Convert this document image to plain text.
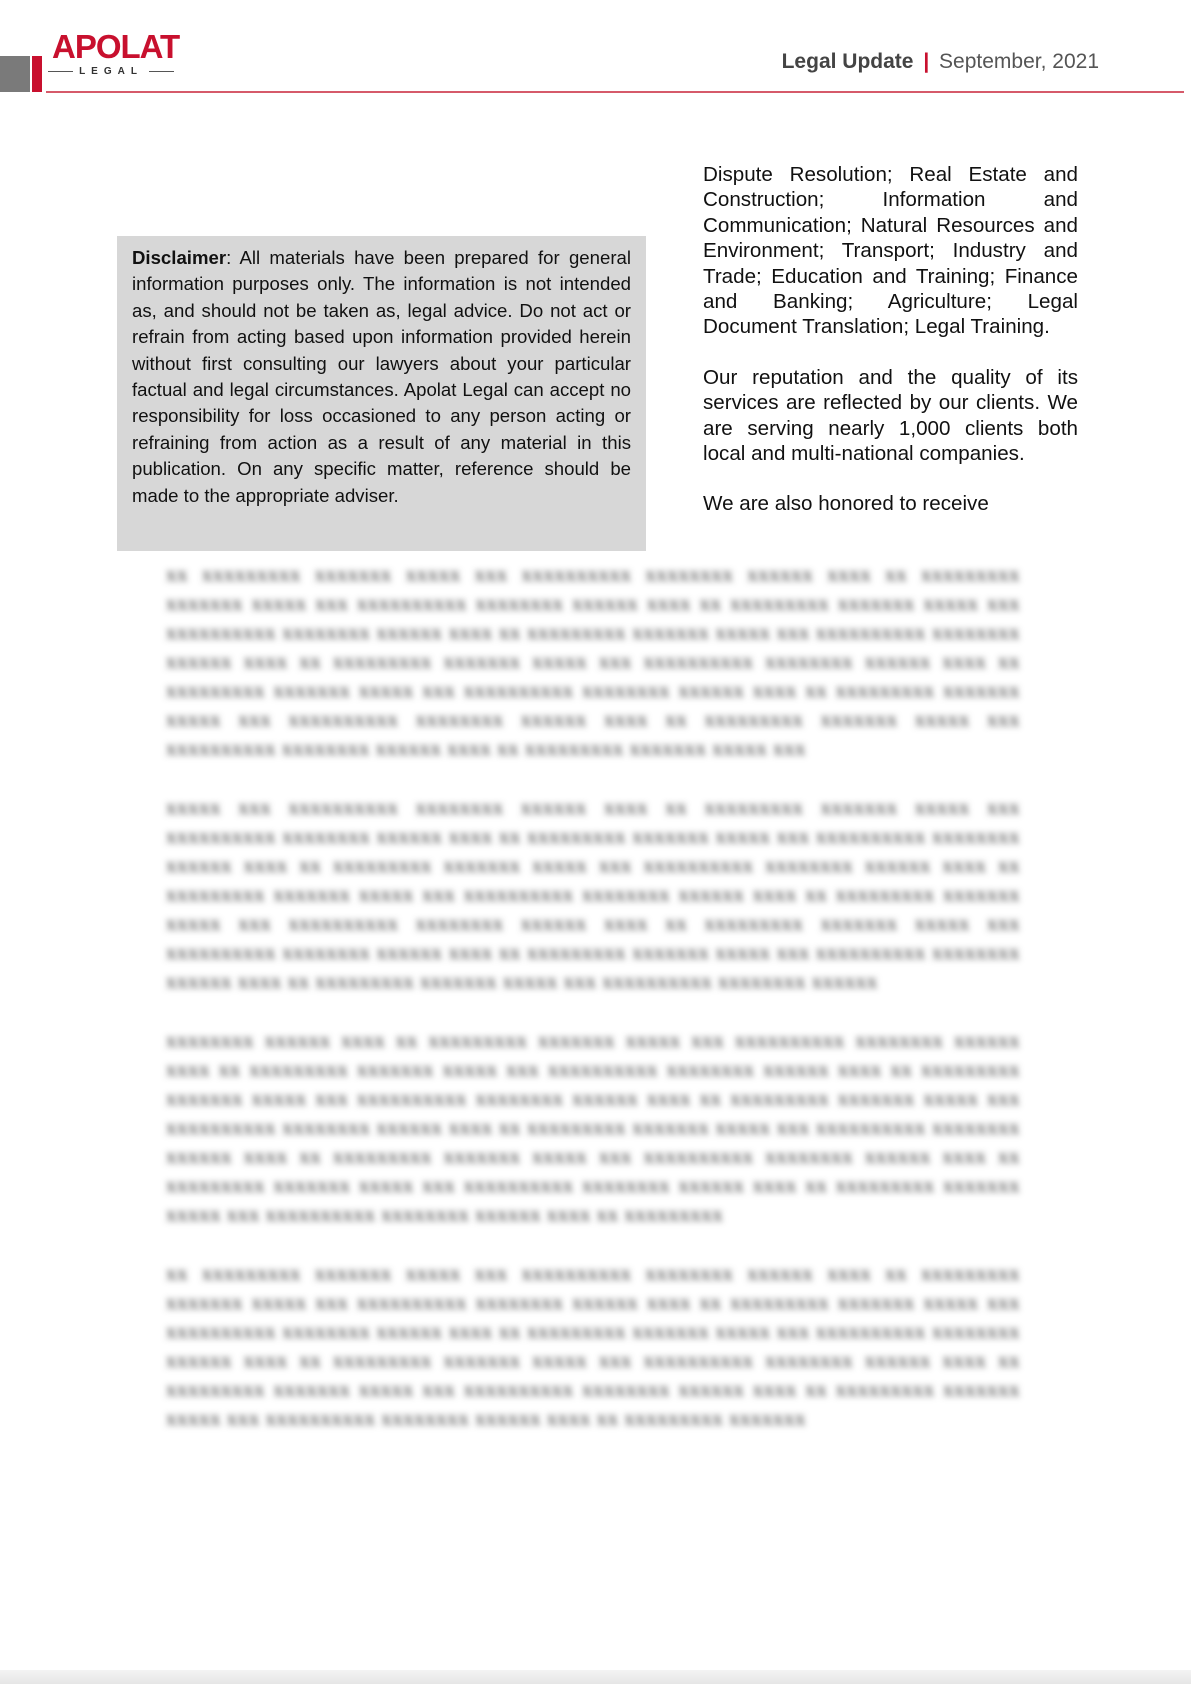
APOLAT
LEGAL	Legal Update | September, 2021
Disclaimer: All materials have been prepared for general information purposes only. The information is not intended as, and should not be taken as, legal advice. Do not act or refrain from acting based upon information provided herein without first consulting our lawyers about your particular factual and legal circumstances. Apolat Legal can accept no responsibility for loss occasioned to any person acting or refraining from action as a result of any material in this publication. On any specific matter, reference should be made to the appropriate adviser.

Dispute Resolution; Real Estate and Construction; Information and Communication; Natural Resources and Environment; Transport; Industry and Trade; Education and Training; Finance and Banking; Agriculture; Legal Document Translation; Legal Training.

Our reputation and the quality of its services are reflected by our clients. We are serving nearly 1,000 clients both local and multi-national companies.

We are also honored to receive

xx xxxxxxxxx xxxxxxx xxxxx xxx xxxxxxxxxx xxxxxxxx xxxxxx xxxx xx xxxxxxxxx xxxxxxx xxxxx xxx xxxxxxxxxx xxxxxxxx xxxxxx xxxx xx xxxxxxxxx xxxxxxx xxxxx xxx xxxxxxxxxx xxxxxxxx xxxxxx xxxx xx xxxxxxxxx xxxxxxx xxxxx xxx xxxxxxxxxx xxxxxxxx xxxxxx xxxx xx xxxxxxxxx xxxxxxx xxxxx xxx xxxxxxxxxx xxxxxxxx xxxxxx xxxx xx xxxxxxxxx xxxxxxx xxxxx xxx xxxxxxxxxx xxxxxxxx xxxxxx xxxx xx xxxxxxxxx xxxxxxx xxxxx xxx xxxxxxxxxx xxxxxxxx xxxxxx xxxx xx xxxxxxxxx xxxxxxx xxxxx xxx xxxxxxxxxx xxxxxxxx xxxxxx xxxx xx xxxxxxxxx xxxxxxx xxxxx xxx

xxxxx xxx xxxxxxxxxx xxxxxxxx xxxxxx xxxx xx xxxxxxxxx xxxxxxx xxxxx xxx xxxxxxxxxx xxxxxxxx xxxxxx xxxx xx xxxxxxxxx xxxxxxx xxxxx xxx xxxxxxxxxx xxxxxxxx xxxxxx xxxx xx xxxxxxxxx xxxxxxx xxxxx xxx xxxxxxxxxx xxxxxxxx xxxxxx xxxx xx xxxxxxxxx xxxxxxx xxxxx xxx xxxxxxxxxx xxxxxxxx xxxxxx xxxx xx xxxxxxxxx xxxxxxx xxxxx xxx xxxxxxxxxx xxxxxxxx xxxxxx xxxx xx xxxxxxxxx xxxxxxx xxxxx xxx xxxxxxxxxx xxxxxxxx xxxxxx xxxx xx xxxxxxxxx xxxxxxx xxxxx xxx xxxxxxxxxx xxxxxxxx xxxxxx xxxx xx xxxxxxxxx xxxxxxx xxxxx xxx xxxxxxxxxx xxxxxxxx xxxxxx

xxxxxxxx xxxxxx xxxx xx xxxxxxxxx xxxxxxx xxxxx xxx xxxxxxxxxx xxxxxxxx xxxxxx xxxx xx xxxxxxxxx xxxxxxx xxxxx xxx xxxxxxxxxx xxxxxxxx xxxxxx xxxx xx xxxxxxxxx xxxxxxx xxxxx xxx xxxxxxxxxx xxxxxxxx xxxxxx xxxx xx xxxxxxxxx xxxxxxx xxxxx xxx xxxxxxxxxx xxxxxxxx xxxxxx xxxx xx xxxxxxxxx xxxxxxx xxxxx xxx xxxxxxxxxx xxxxxxxx xxxxxx xxxx xx xxxxxxxxx xxxxxxx xxxxx xxx xxxxxxxxxx xxxxxxxx xxxxxx xxxx xx xxxxxxxxx xxxxxxx xxxxx xxx xxxxxxxxxx xxxxxxxx xxxxxx xxxx xx xxxxxxxxx xxxxxxx xxxxx xxx xxxxxxxxxx xxxxxxxx xxxxxx xxxx xx xxxxxxxxx

xx xxxxxxxxx xxxxxxx xxxxx xxx xxxxxxxxxx xxxxxxxx xxxxxx xxxx xx xxxxxxxxx xxxxxxx xxxxx xxx xxxxxxxxxx xxxxxxxx xxxxxx xxxx xx xxxxxxxxx xxxxxxx xxxxx xxx xxxxxxxxxx xxxxxxxx xxxxxx xxxx xx xxxxxxxxx xxxxxxx xxxxx xxx xxxxxxxxxx xxxxxxxx xxxxxx xxxx xx xxxxxxxxx xxxxxxx xxxxx xxx xxxxxxxxxx xxxxxxxx xxxxxx xxxx xx xxxxxxxxx xxxxxxx xxxxx xxx xxxxxxxxxx xxxxxxxx xxxxxx xxxx xx xxxxxxxxx xxxxxxx xxxxx xxx xxxxxxxxxx xxxxxxxx xxxxxx xxxx xx xxxxxxxxx xxxxxxx
